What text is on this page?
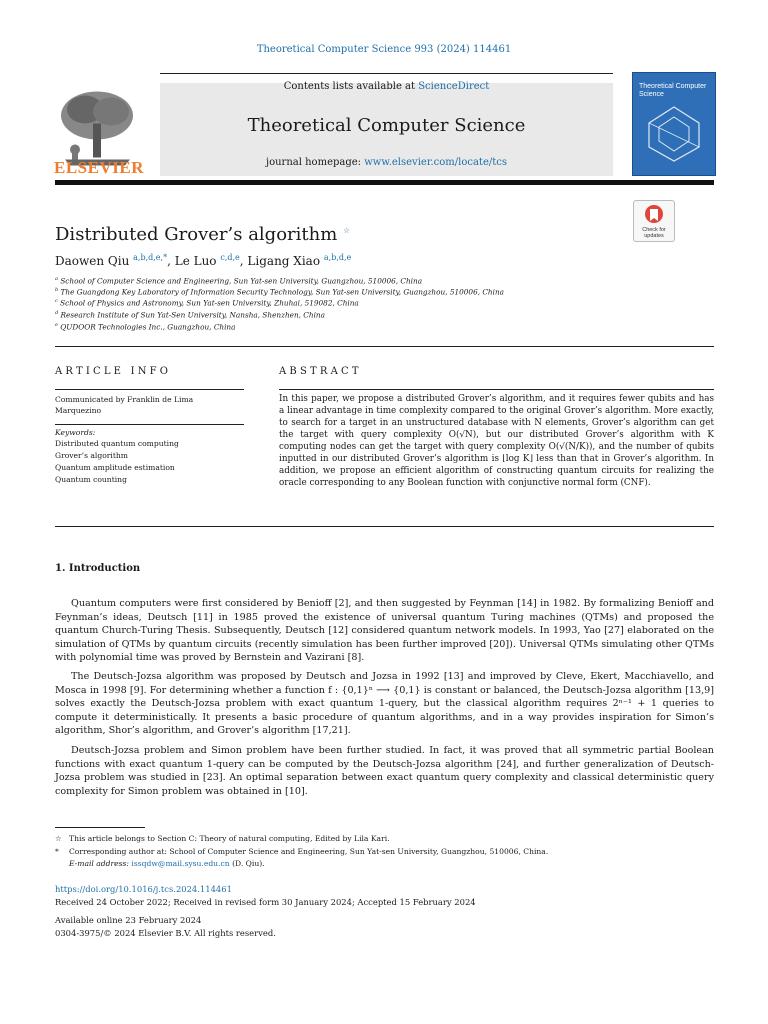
Theoretical Computer Science 993 (2024) 114461
ELSEVIER
Contents lists available at ScienceDirect
Theoretical Computer Science
journal homepage: www.elsevier.com/locate/tcs
Theoretical Computer Science
Check for updates
Distributed Grover’s algorithm ☆
Daowen Qiu $^{a,b,d,e,*}$, Le Luo $^{c,d,e}$, Ligang Xiao $^{a,b,d,e}$
$^a$ School of Computer Science and Engineering, Sun Yat-sen University, Guangzhou, 510006, China
$^b$ The Guangdong Key Laboratory of Information Security Technology, Sun Yat-sen University, Guangzhou, 510006, China
$^c$ School of Physics and Astronomy, Sun Yat-sen University, Zhuhai, 519082, China
$^d$ Research Institute of Sun Yat-Sen University, Nansha, Shenzhen, China
$^e$ QUDOOR Technologies Inc., Guangzhou, China
ARTICLE INFO
Communicated by Franklin de Lima Marquezino
Keywords:
Distributed quantum computing
Grover’s algorithm
Quantum amplitude estimation
Quantum counting
ABSTRACT
In this paper, we propose a distributed Grover’s algorithm, and it requires fewer qubits and has a linear advantage in time complexity compared to the original Grover’s algorithm. More exactly, to search for a target in an unstructured database with N elements, Grover’s algorithm can get the target with query complexity O(√N), but our distributed Grover’s algorithm with K computing nodes can get the target with query complexity O(√(N/K)), and the number of qubits inputted in our distributed Grover’s algorithm is ⌊log K⌋ less than that in Grover’s algorithm. In addition, we propose an efficient algorithm of constructing quantum circuits for realizing the oracle corresponding to any Boolean function with conjunctive normal form (CNF).
1. Introduction
Quantum computers were first considered by Benioff [2], and then suggested by Feynman [14] in 1982. By formalizing Benioff and Feynman’s ideas, Deutsch [11] in 1985 proved the existence of universal quantum Turing machines (QTMs) and proposed the quantum Church-Turing Thesis. Subsequently, Deutsch [12] considered quantum network models. In 1993, Yao [27] elaborated on the simulation of QTMs by quantum circuits (recently simulation has been further improved [20]). Universal QTMs simulating other QTMs with polynomial time was proved by Bernstein and Vazirani [8].
The Deutsch-Jozsa algorithm was proposed by Deutsch and Jozsa in 1992 [13] and improved by Cleve, Ekert, Macchiavello, and Mosca in 1998 [9]. For determining whether a function f : {0,1}ⁿ ⟶ {0,1} is constant or balanced, the Deutsch-Jozsa algorithm [13,9] solves exactly the Deutsch-Jozsa problem with exact quantum 1-query, but the classical algorithm requires 2ⁿ⁻¹ + 1 queries to compute it deterministically. It presents a basic procedure of quantum algorithms, and in a way provides inspiration for Simon’s algorithm, Shor’s algorithm, and Grover’s algorithm [17,21].
Deutsch-Jozsa problem and Simon problem have been further studied. In fact, it was proved that all symmetric partial Boolean functions with exact quantum 1-query can be computed by the Deutsch-Jozsa algorithm [24], and further generalization of Deutsch-Jozsa problem was studied in [23]. An optimal separation between exact quantum query complexity and classical deterministic query complexity for Simon problem was obtained in [10].
☆ This article belongs to Section C: Theory of natural computing, Edited by Lila Kari.
* Corresponding author at: School of Computer Science and Engineering, Sun Yat-sen University, Guangzhou, 510006, China.
E-mail address: issqdw@mail.sysu.edu.cn (D. Qiu).
https://doi.org/10.1016/j.tcs.2024.114461
Received 24 October 2022; Received in revised form 30 January 2024; Accepted 15 February 2024
Available online 23 February 2024
0304-3975/© 2024 Elsevier B.V. All rights reserved.
